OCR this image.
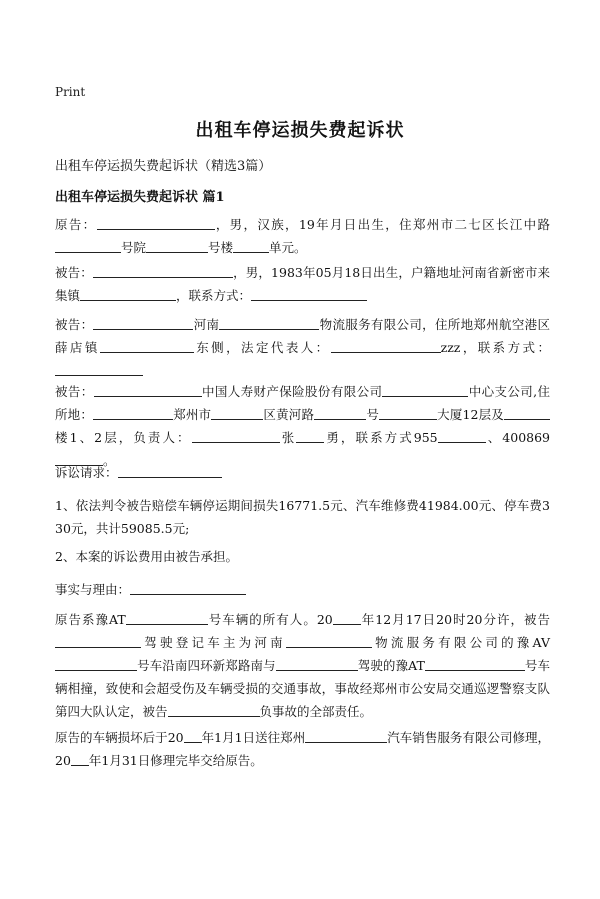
Print
出租车停运损失费起诉状
出租车停运损失费起诉状（精选3篇）
出租车停运损失费起诉状 篇1
原告：	，男，汉族，19年月日出生，住郑州市二七区长江中路号院	号楼	单元。
被告：	，男，1983年05月18日出生，户籍地址河南省新密市来集镇	，联系方式：
被告：	河南	物流服务有限公司，住所地郑州航空港区薛店镇	东侧，法定代表人：	zzz，联系方式：
被告：	中国人寿财产保险股份有限公司	中心支公司,住所地：	郑州市	区黄河路	号	大厦12层及楼1、2层，负责人：	张 勇，联系方式955	、400869。
诉讼请求：
1、依法判令被告赔偿车辆停运期间损失16771.5元、汽车维修费41984.00元、停车费330元，共计59085.5元;
2、本案的诉讼费用由被告承担。
事实与理由：
原告系豫AT	号车辆的所有人。20 年12月17日20时20分许，被告驾驶登记车主为河南	物流服务有限公司的豫AV号车沿南四环新郑路南与	驾驶的豫AT	号车辆相撞，致使和会超受伤及车辆受损的交通事故，事故经郑州市公安局交通巡逻警察支队第四大队认定，被告	负事故的全部责任。
原告的车辆损坏后于20 年1月1日送往郑州	汽车销售服务有限公司修理，20 年1月31日修理完毕交给原告。
